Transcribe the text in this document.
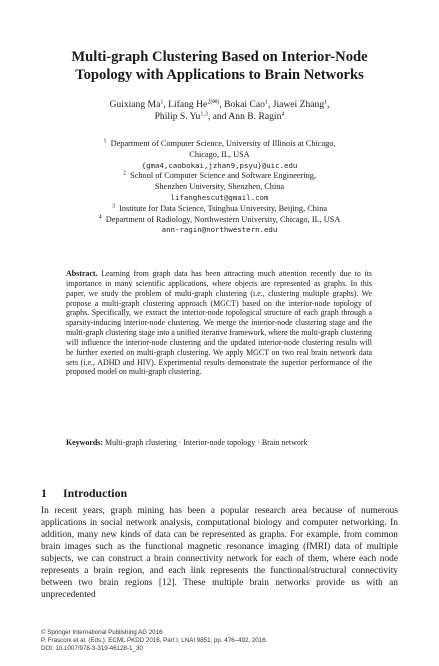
Multi-graph Clustering Based on Interior-Node
Topology with Applications to Brain Networks
Guixiang Ma$^1$, Lifang $He^{2(✉)}$, Bokai Cao$^1$, Jiawei Zhang$^1$,
Philip S. Yu$^{1,3}$, and Ann B. Ragin$^4$
$^1$ Department of Computer Science, University of Illinois at Chicago,
Chicago, IL, USA
{gma4,caobokai,jzhan9,psyu}@uic.edu
$^2$ School of Computer Science and Software Engineering,
Shenzhen University, Shenzhen, China
lifanghescut@gmail.com
$^3$ Institute for Data Science, Tsinghua University, Beijing, China
$^4$ Department of Radiology, Northwestern University, Chicago, IL, USA
ann-ragin@northwestern.edu
Abstract. Learning from graph data has been attracting much attention recently due to its importance in many scientific applications, where objects are represented as graphs. In this paper, we study the problem of multi-graph clustering (i.e., clustering multiple graphs). We propose a multi-graph clustering approach (MGCT) based on the interior-node topology of graphs. Specifically, we extract the interior-node topological structure of each graph through a sparsity-inducing interior-node clustering. We merge the interior-node clustering stage and the multi-graph clustering stage into a unified iterative framework, where the multi-graph clustering will influence the interior-node clustering and the updated interior-node clustering results will be further exerted on multi-graph clustering. We apply MGCT on two real brain network data sets (i.e., ADHD and HIV). Experimental results demonstrate the superior performance of the proposed model on multi-graph clustering.
Keywords: Multi-graph clustering · Interior-node topology · Brain network
1 Introduction
In recent years, graph mining has been a popular research area because of numerous applications in social network analysis, computational biology and computer networking. In addition, many new kinds of data can be represented as graphs. For example, from common brain images such as the functional magnetic resonance imaging (fMRI) data of multiple subjects, we can construct a brain connectivity network for each of them, where each node represents a brain region, and each link represents the functional/structural connectivity between two brain regions [12]. These multiple brain networks provide us with an unprecedented
© Springer International Publishing AG 2016
P. Frasconi et al. (Eds.): ECML PKDD 2016, Part I, LNAI 9851, pp. 476–492, 2016.
DOI: 10.1007/978-3-319-46128-1_30
